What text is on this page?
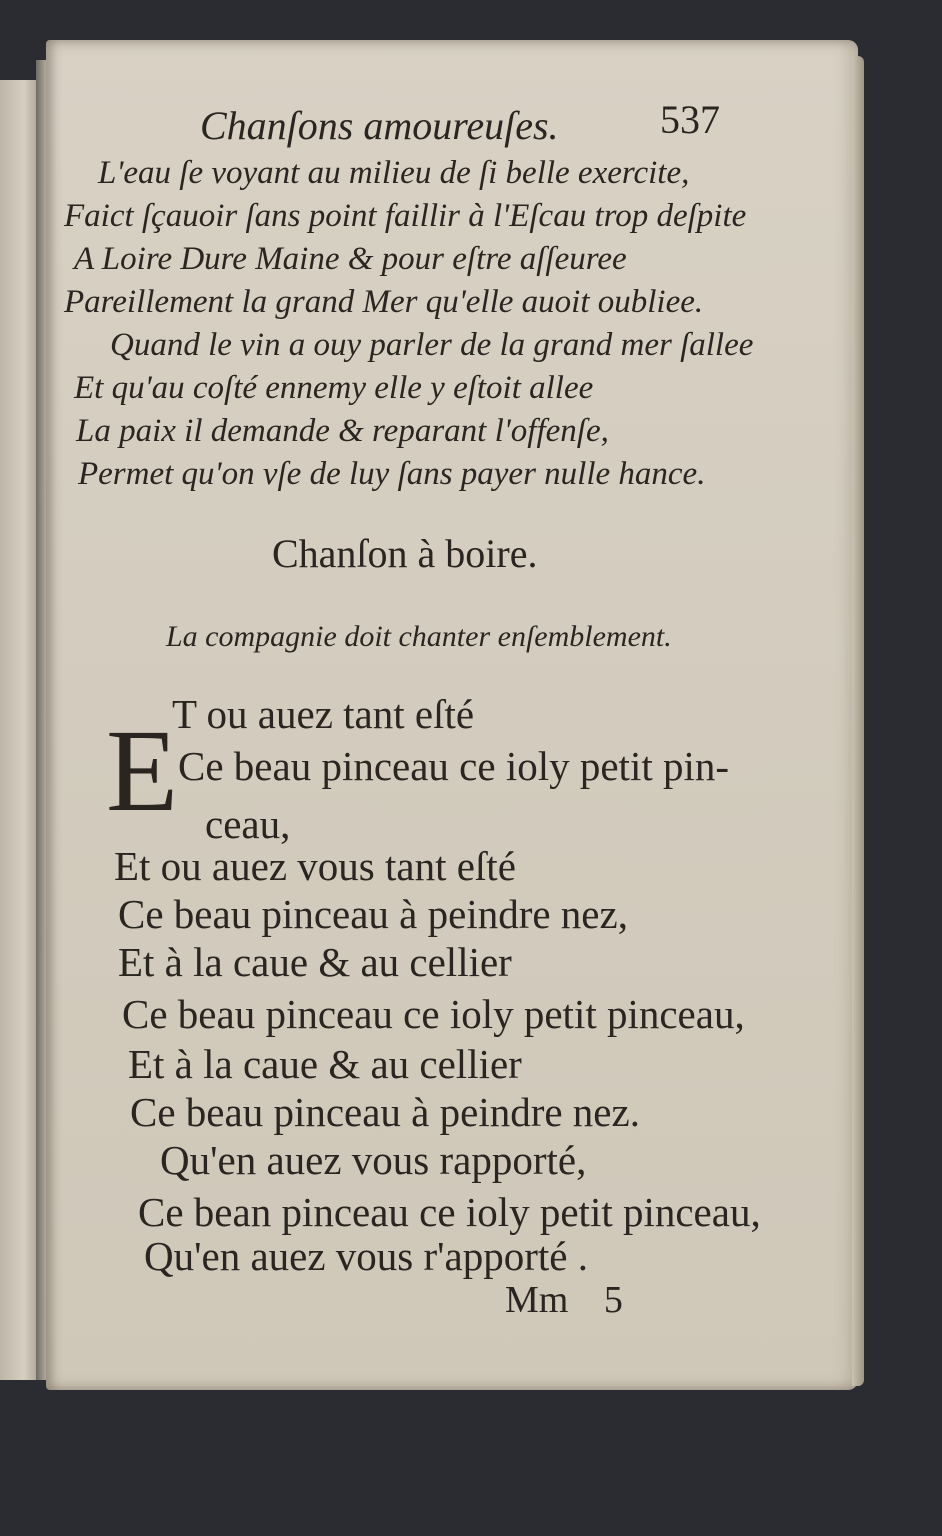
Chanſons amoureuſes.	537
L'eau ſe voyant au milieu de ſi belle exercite,
Faict ſçauoir ſans point faillir à l'Eſcau trop deſpite
A Loire Dure Maine & pour eſtre aſſeuree
Pareillement la grand Mer qu'elle auoit oubliee.
Quand le vin a ouy parler de la grand mer ſallee
Et qu'au coſté ennemy elle y eſtoit allee
La paix il demande & reparant l'offenſe,
Permet qu'on vſe de luy ſans payer nulle hance.
Chanſon à boire.
La compagnie doit chanter enſemblement.
E
T ou auez tant eſté
Ce beau pinceau ce ioly petit pin-
ceau,
Et ou auez vous tant eſté
Ce beau pinceau à peindre nez,
Et à la caue & au cellier
Ce beau pinceau ce ioly petit pinceau,
Et à la caue & au cellier
Ce beau pinceau à peindre nez.
Qu'en auez vous rapporté,
Ce bean pinceau ce ioly petit pinceau,
Qu'en auez vous r'apporté .
Mm 5
